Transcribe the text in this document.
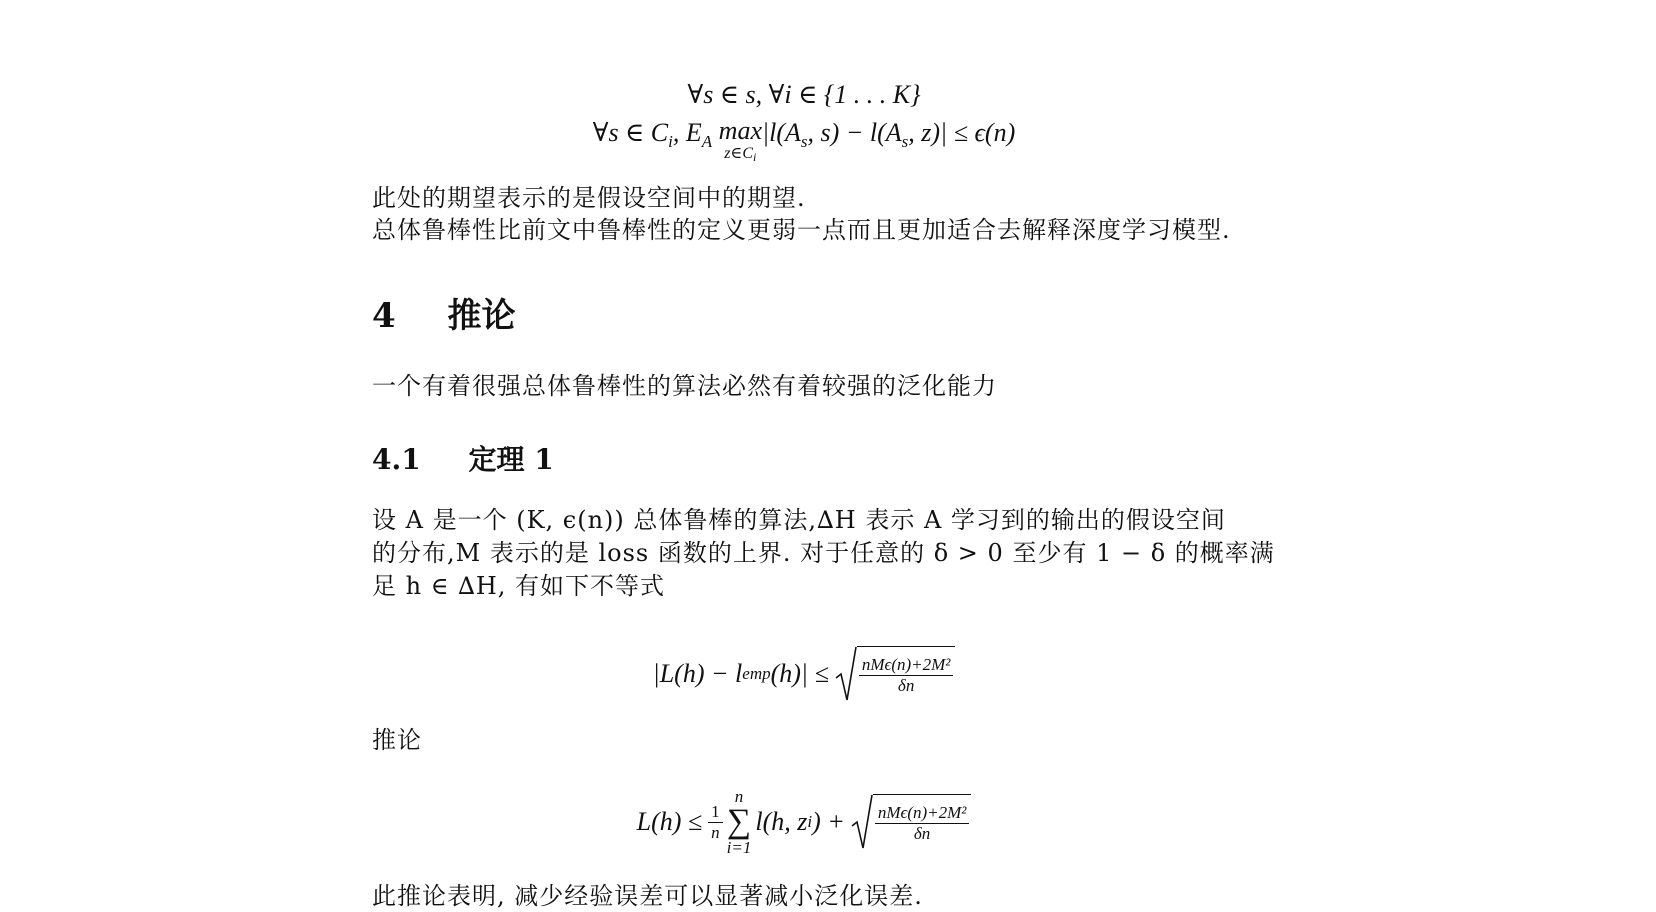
∀s ∈ s, ∀i ∈ {1 . . . K}
∀s ∈ $C_i$, $E_A$ max
$z\in C_i$
$|l(A_s$, $s) - l(A_s$, z)| ≤ ϵ(n)
此处的期望表示的是假设空间中的期望.
总体鲁棒性比前文中鲁棒性的定义更弱一点而且更加适合去解释深度学习模型.
4 推论
一个有着很强总体鲁棒性的算法必然有着较强的泛化能力
4.1 定理 1
设 A 是一个 (K, ϵ(n)) 总体鲁棒的算法,∆H 表示 A 学习到的输出的假设空间
的分布,M 表示的是 loss 函数的上界. 对于任意的 δ > 0 至少有 1 − δ 的概率满
足 h ∈ ∆H, 有如下不等式
|L(h) − l emp $(h)| \le \frac{\text{nMϵ(n)+2M²}}{\delta n}$
推论
$L(h) \le \frac{1}{n}$
n
∑
i=1
l(h, z i ) + $\frac{\text{nMϵ(n)+2M²}}{\delta n}$
此推论表明, 减少经验误差可以显著减小泛化误差.
